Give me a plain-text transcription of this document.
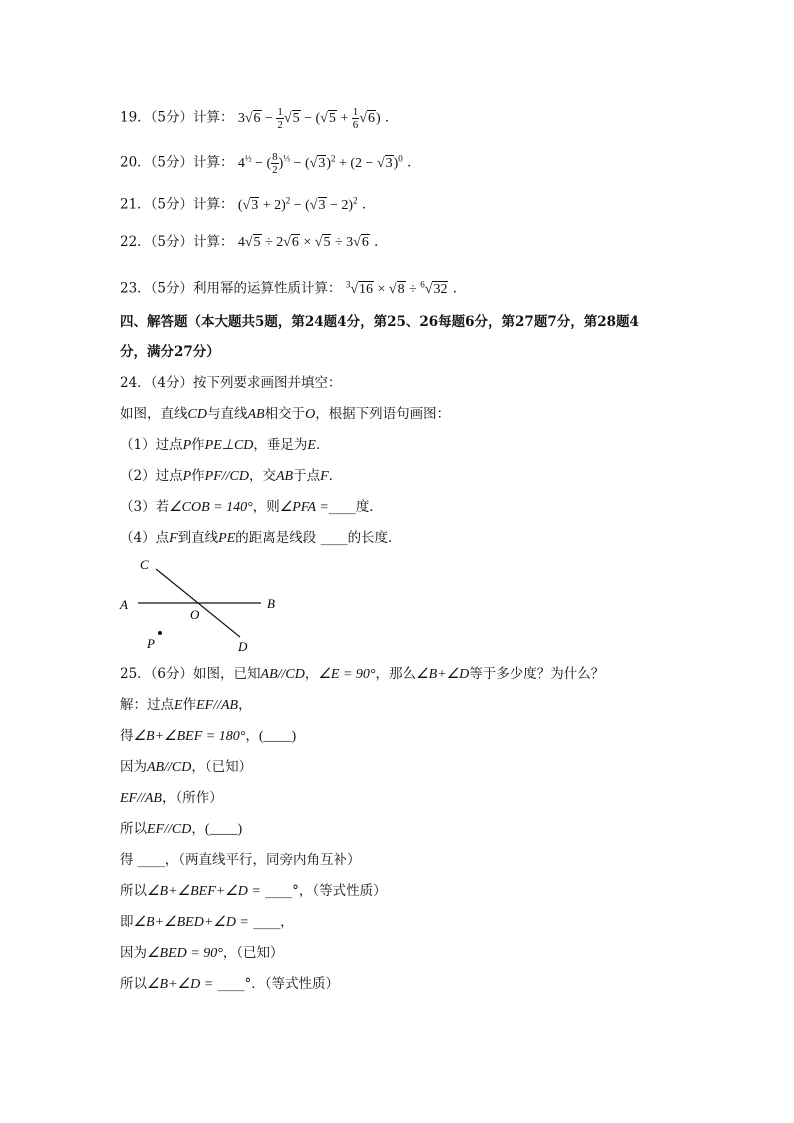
19．（5分）计算： $3√6 - \frac{1}{2} √5 - (√5 + \frac{1}{6} √6)$ ．
20．（5分）计算： $4^{\frac{1}{2}}$ − ( $\frac{8}{2} )^{\frac{1}{3}} - (√3)^2 + (2 - √3)^0$ ．
21．（5分）计算： $(√3 + 2)^2 - (√3 - 2)^2$ ．
22．（5分）计算： 4√5 ÷ 2√6 × √5 ÷ 3√6 ．
23．（5分）利用幂的运算性质计算： $^3$√16 × √8 ÷ $^6$√32 ．
四、解答题（本大题共5题，第24题4分，第25、26每题6分，第27题7分，第28题4
分，满分27分）
24．（4分）按下列要求画图并填空：
如图，直线CD与直线AB相交于O，根据下列语句画图：
（1）过点P作PE⊥CD，垂足为E．
（2）过点P作PF//CD，交AB于点F．
（3）若∠COB = 140°，则∠PFA =____度．
（4）点F到直线PE的距离是线段 ____的长度．
C
A
O
B
P	D
25．（6分）如图，已知AB//CD，∠E = 90°，那么∠B+∠D等于多少度？为什么？
解：过点E作EF//AB，
得∠B+∠BEF = 180°，(____)
因为AB//CD，（已知）
EF//AB，（所作）
所以EF//CD，(____)
得 ____，（两直线平行，同旁内角互补）
所以∠B+∠BEF+∠D = ____°，（等式性质）
即∠B+∠BED+∠D = ____，
因为∠BED = 90°，（已知）
所以∠B+∠D = ____°．（等式性质）
